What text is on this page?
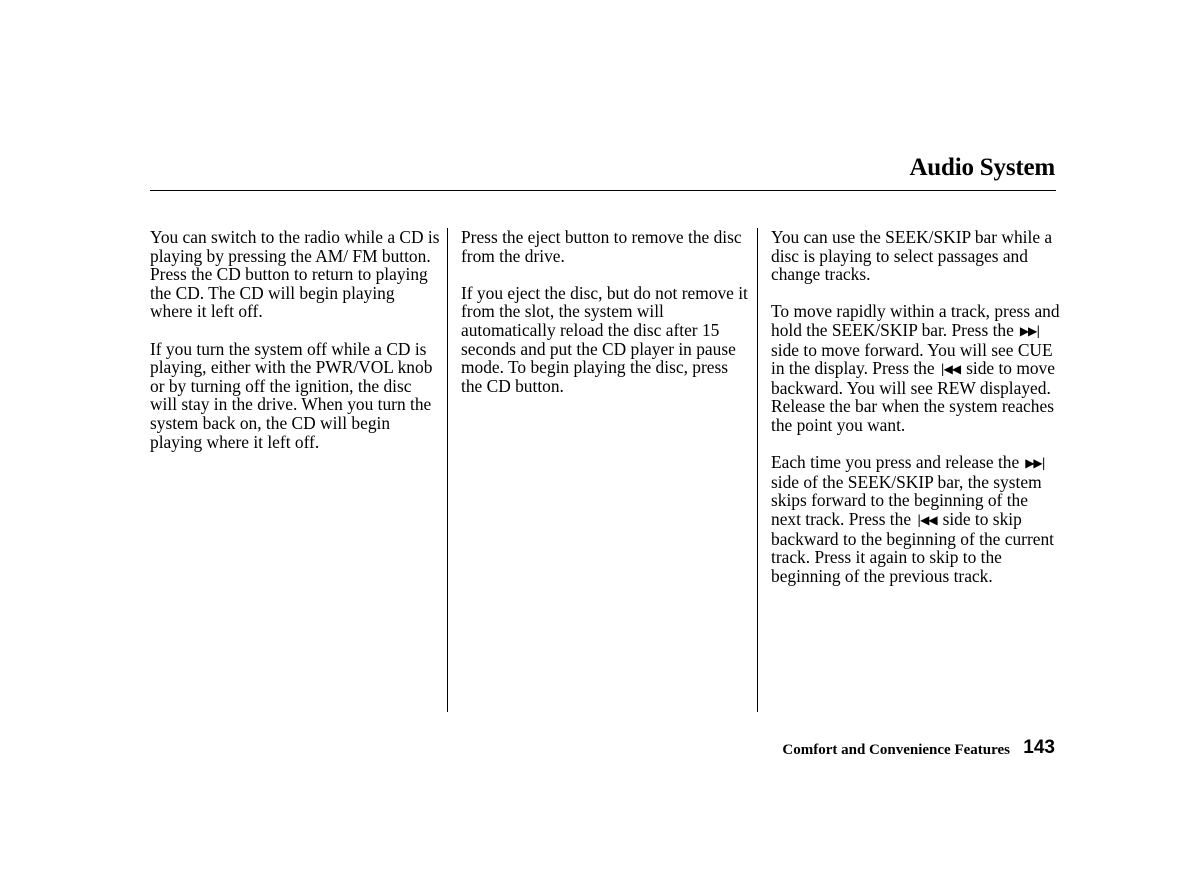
Audio System

You can switch to the radio while a CD is playing by pressing the AM/ FM button. Press the CD button to return to playing the CD. The CD will begin playing where it left off.

If you turn the system off while a CD is playing, either with the PWR/VOL knob or by turning off the ignition, the disc will stay in the drive. When you turn the system back on, the CD will begin playing where it left off.

Press the eject button to remove the disc from the drive.

If you eject the disc, but do not remove it from the slot, the system will automatically reload the disc after 15 seconds and put the CD player in pause mode. To begin playing the disc, press the CD button.

You can use the SEEK/SKIP bar while a disc is playing to select passages and change tracks.

To move rapidly within a track, press and hold the SEEK/SKIP bar. Press the ▶▶|side to move forward. You will see CUE in the display. Press the |◀◀ side to move backward. You will see REW displayed. Release the bar when the system reaches the point you want.

Each time you press and release the ▶▶|side of the SEEK/SKIP bar, the system skips forward to the beginning of the next track. Press the |◀◀ side to skip backward to the beginning of the current track. Press it again to skip to the beginning of the previous track.

Comfort and Convenience Features 143
